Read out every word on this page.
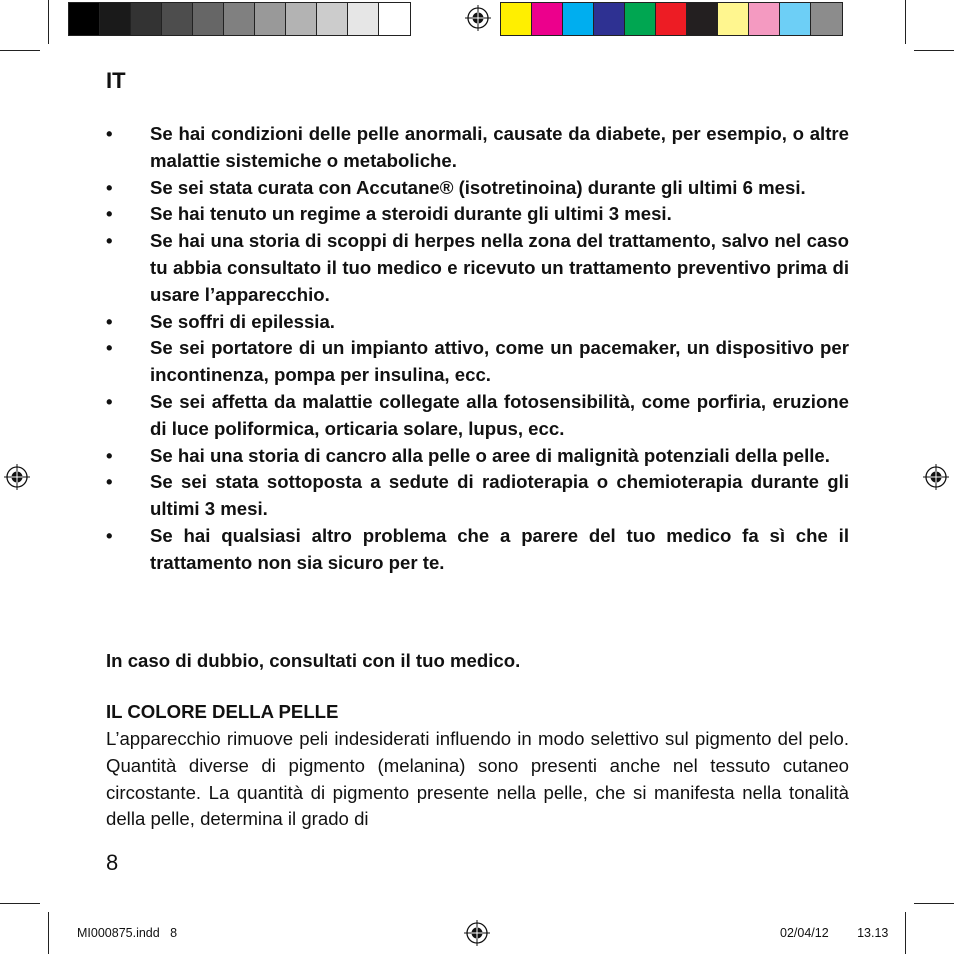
IT
• Se hai condizioni delle pelle anormali, causate da diabete, per esempio, o altre malattie sistemiche o metaboliche.
• Se sei stata curata con Accutane® (isotretinoina) durante gli ultimi 6 mesi.
• Se hai tenuto un regime a steroidi durante gli ultimi 3 mesi.
• Se hai una storia di scoppi di herpes nella zona del trattamento, salvo nel caso tu abbia consultato il tuo medico e ricevuto un trattamento preventivo prima di usare l’apparecchio.
• Se soffri di epilessia.
• Se sei portatore di un impianto attivo, come un pacemaker, un dispositivo per incontinenza, pompa per insulina, ecc.
• Se sei affetta da malattie collegate alla fotosensibilità, come porfiria, eruzione di luce poliformica, orticaria solare, lupus, ecc.
• Se hai una storia di cancro alla pelle o aree di malignità potenziali della pelle.
• Se sei stata sottoposta a sedute di radioterapia o chemioterapia durante gli ultimi 3 mesi.
• Se hai qualsiasi altro problema che a parere del tuo medico fa sì che il trattamento non sia sicuro per te.

In caso di dubbio, consultati con il tuo medico.

IL COLORE DELLA PELLE

L’apparecchio rimuove peli indesiderati influendo in modo selettivo sul pigmento del pelo. Quantità diverse di pigmento (melanina) sono presenti anche nel tessuto cutaneo circostante. La quantità di pigmento presente nella pelle, che si manifesta nella tonalità della pelle, determina il grado di

8
MI000875.indd   8	02/04/12   13.13
